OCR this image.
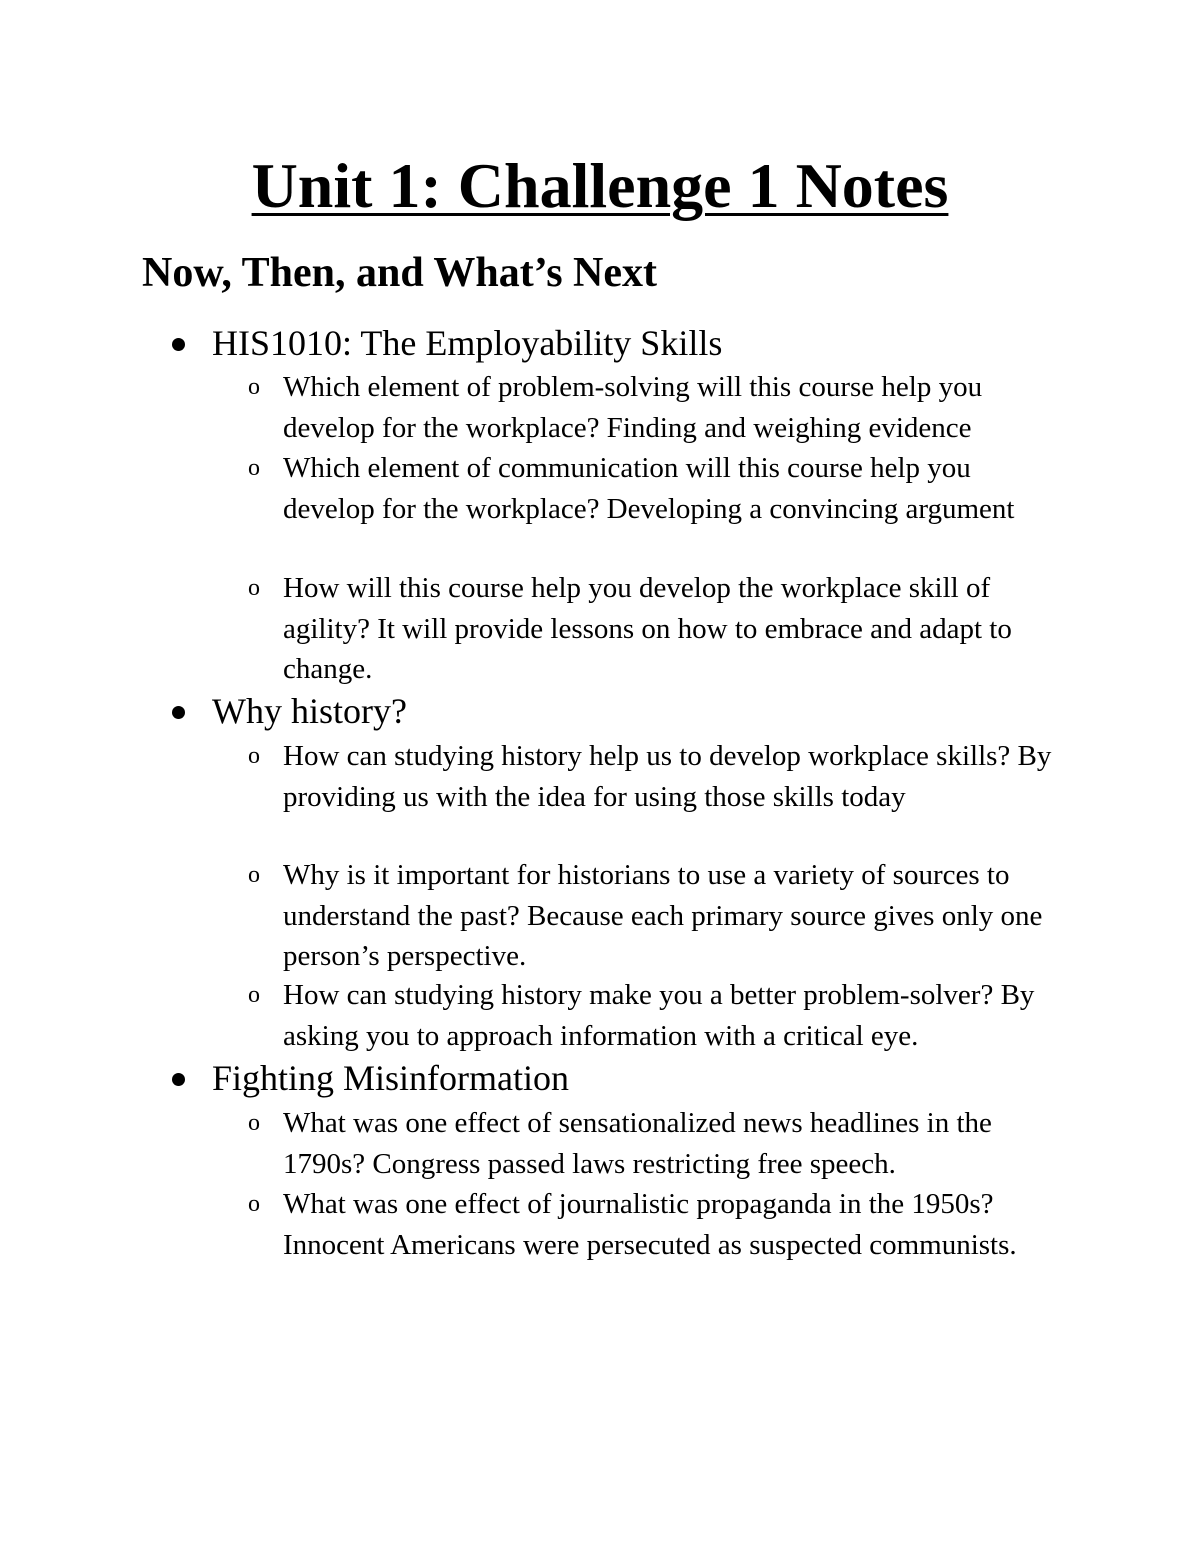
Unit 1: Challenge 1 Notes
Now, Then, and What’s Next
HIS1010: The Employability Skills
o Which element of problem-solving will this course help you develop for the workplace? Finding and weighing evidence
o Which element of communication will this course help you develop for the workplace? Developing a convincing argument
o How will this course help you develop the workplace skill of agility? It will provide lessons on how to embrace and adapt to change.
Why history?
o How can studying history help us to develop workplace skills? By providing us with the idea for using those skills today
o Why is it important for historians to use a variety of sources to understand the past? Because each primary source gives only one person’s perspective.
o How can studying history make you a better problem-solver? By asking you to approach information with a critical eye.
Fighting Misinformation
o What was one effect of sensationalized news headlines in the 1790s? Congress passed laws restricting free speech.
o What was one effect of journalistic propaganda in the 1950s? Innocent Americans were persecuted as suspected communists.
